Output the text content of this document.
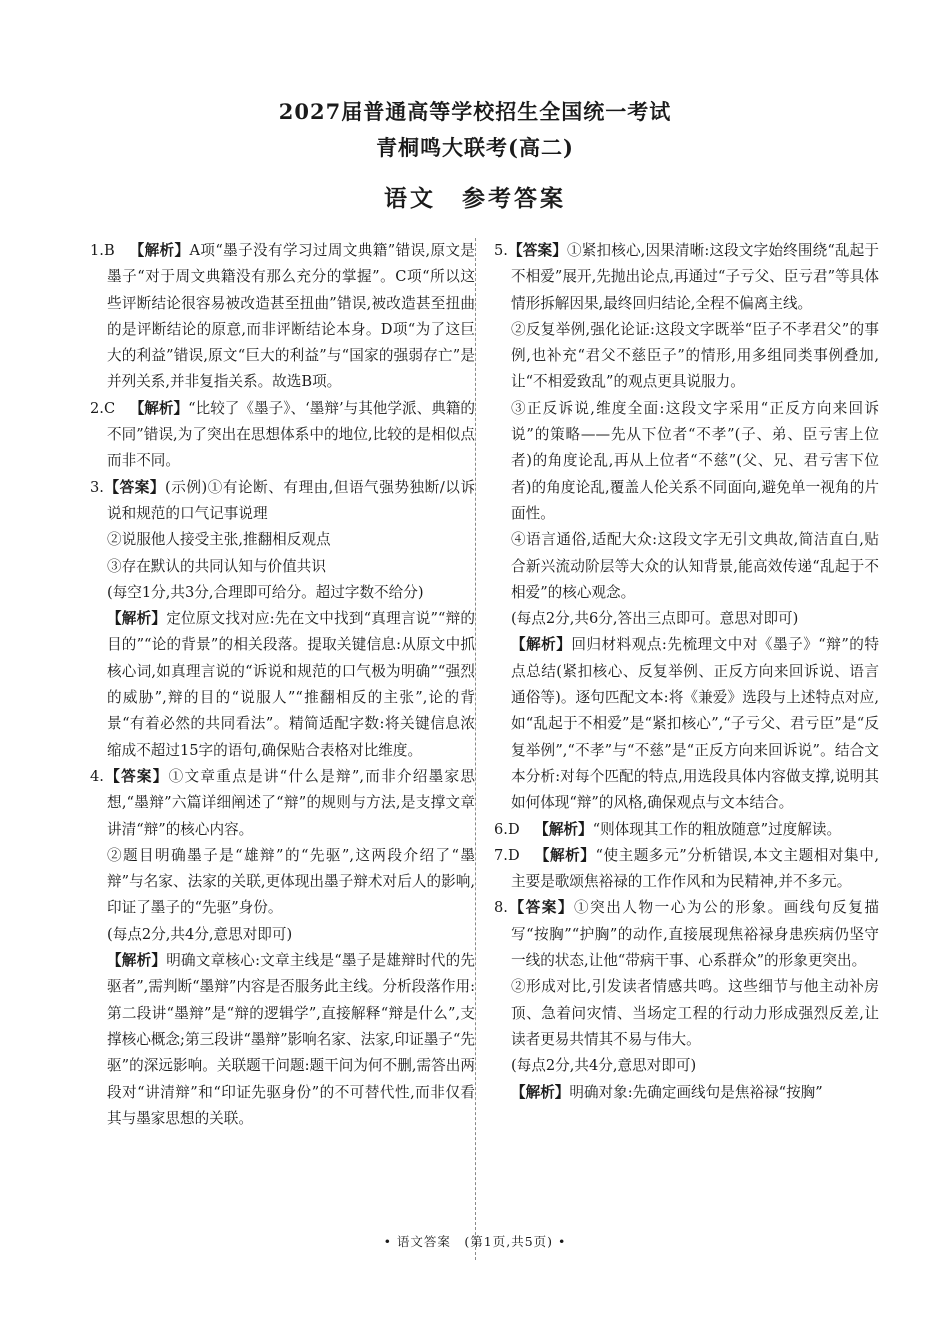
2027届普通高等学校招生全国统一考试
青桐鸣大联考(高二)
语文　参考答案

1.B  【解析】A项“墨子没有学习过周文典籍”错误,原文是墨子“对于周文典籍没有那么充分的掌握”。C项“所以这些评断结论很容易被改造甚至扭曲”错误,被改造甚至扭曲的是评断结论的原意,而非评断结论本身。D项“为了这巨大的利益”错误,原文“巨大的利益”与“国家的强弱存亡”是并列关系,并非复指关系。故选B项。

2.C  【解析】“比较了《墨子》、‘墨辩’与其他学派、典籍的不同”错误,为了突出在思想体系中的地位,比较的是相似点而非不同。

3.【答案】(示例)①有论断、有理由,但语气强势独断/以诉说和规范的口气记事说理

②说服他人接受主张,推翻相反观点

③存在默认的共同认知与价值共识

(每空1分,共3分,合理即可给分。超过字数不给分)

【解析】定位原文找对应:先在文中找到“真理言说”“辩的目的”“论的背景”的相关段落。提取关键信息:从原文中抓核心词,如真理言说的“诉说和规范的口气极为明确”“强烈的威胁”,辩的目的“说服人”“推翻相反的主张”,论的背景“有着必然的共同看法”。精简适配字数:将关键信息浓缩成不超过15字的语句,确保贴合表格对比维度。

4.【答案】①文章重点是讲“什么是辩”,而非介绍墨家思想,“墨辩”六篇详细阐述了“辩”的规则与方法,是支撑文章讲清“辩”的核心内容。

②题目明确墨子是“雄辩”的“先驱”,这两段介绍了“墨辩”与名家、法家的关联,更体现出墨子辩术对后人的影响,印证了墨子的“先驱”身份。

(每点2分,共4分,意思对即可)

【解析】明确文章核心:文章主线是“墨子是雄辩时代的先驱者”,需判断“墨辩”内容是否服务此主线。分析段落作用:第二段讲“墨辩”是“辩的逻辑学”,直接解释“辩是什么”,支撑核心概念;第三段讲“墨辩”影响名家、法家,印证墨子“先驱”的深远影响。关联题干问题:题干问为何不删,需答出两段对“讲清辩”和“印证先驱身份”的不可替代性,而非仅看其与墨家思想的关联。

5.【答案】①紧扣核心,因果清晰:这段文字始终围绕“乱起于不相爱”展开,先抛出论点,再通过“子亏父、臣亏君”等具体情形拆解因果,最终回归结论,全程不偏离主线。

②反复举例,强化论证:这段文字既举“臣子不孝君父”的事例,也补充“君父不慈臣子”的情形,用多组同类事例叠加,让“不相爱致乱”的观点更具说服力。

③正反诉说,维度全面:这段文字采用“正反方向来回诉说”的策略——先从下位者“不孝”(子、弟、臣亏害上位者)的角度论乱,再从上位者“不慈”(父、兄、君亏害下位者)的角度论乱,覆盖人伦关系不同面向,避免单一视角的片面性。

④语言通俗,适配大众:这段文字无引文典故,简洁直白,贴合新兴流动阶层等大众的认知背景,能高效传递“乱起于不相爱”的核心观念。

(每点2分,共6分,答出三点即可。意思对即可)

【解析】回归材料观点:先梳理文中对《墨子》“辩”的特点总结(紧扣核心、反复举例、正反方向来回诉说、语言通俗等)。逐句匹配文本:将《兼爱》选段与上述特点对应,如“乱起于不相爱”是“紧扣核心”,“子亏父、君亏臣”是“反复举例”,“不孝”与“不慈”是“正反方向来回诉说”。结合文本分析:对每个匹配的特点,用选段具体内容做支撑,说明其如何体现“辩”的风格,确保观点与文本结合。

6.D  【解析】“则体现其工作的粗放随意”过度解读。

7.D  【解析】“使主题多元”分析错误,本文主题相对集中,主要是歌颂焦裕禄的工作作风和为民精神,并不多元。

8.【答案】①突出人物一心为公的形象。画线句反复描写“按胸”“护胸”的动作,直接展现焦裕禄身患疾病仍坚守一线的状态,让他“带病干事、心系群众”的形象更突出。

②形成对比,引发读者情感共鸣。这些细节与他主动补房顶、急着问灾情、当场定工程的行动力形成强烈反差,让读者更易共情其不易与伟大。

(每点2分,共4分,意思对即可)

【解析】明确对象:先确定画线句是焦裕禄“按胸”

• 语文答案　(第1页,共5页) •
